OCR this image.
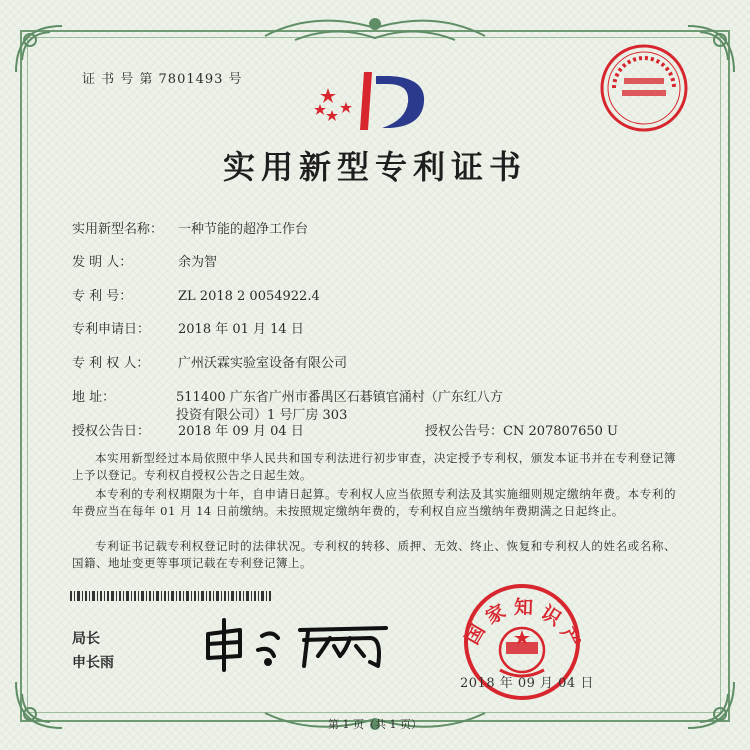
证 书 号 第 7801493 号
实用新型专利证书
实用新型名称： 一种节能的超净工作台
发 明 人：	余为智
专 利 号：	ZL 2018 2 0054922.4
专利申请日： 2018 年 01 月 14 日
专 利 权 人： 广州沃霖实验室设备有限公司
地 址：	511400 广东省广州市番禺区石碁镇官涌村（广东红八方
投资有限公司）1 号厂房 303
授权公告日： 2018 年 09 月 04 日	授权公告号：CN 207807650 U
本实用新型经过本局依照中华人民共和国专利法进行初步审查，决定授予专利权，颁发本证书并在专利登记簿上予以登记。专利权自授权公告之日起生效。
本专利的专利权期限为十年，自申请日起算。专利权人应当依照专利法及其实施细则规定缴纳年费。本专利的年费应当在每年 01 月 14 日前缴纳。未按照规定缴纳年费的，专利权自应当缴纳年费期满之日起终止。
专利证书记载专利权登记时的法律状况。专利权的转移、质押、无效、终止、恢复和专利权人的姓名或名称、国籍、地址变更等事项记载在专利登记簿上。
局长
申长雨
国 家 知 识 产
2018 年 09 月 04 日
第 1 页（共 1 页）
